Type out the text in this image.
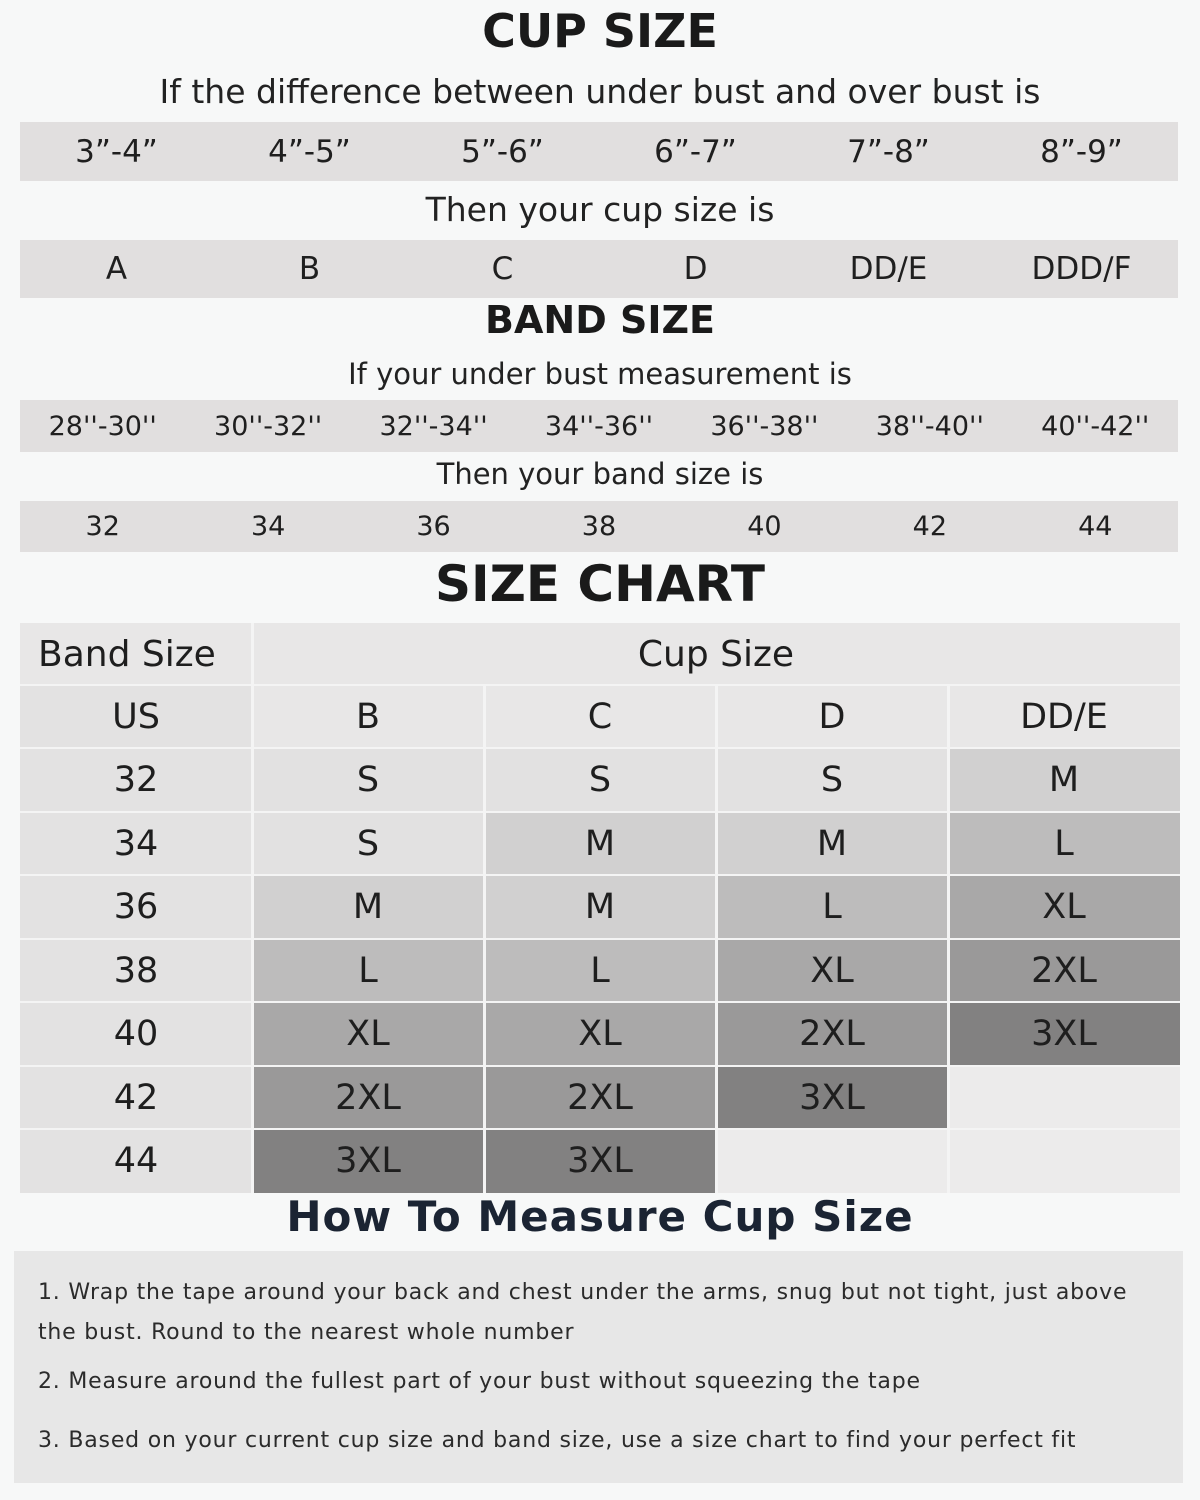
CUP SIZE
If the difference between under bust and over bust is
3”-4”	4”-5”	5”-6”	6”-7”	7”-8”	8”-9”
Then your cup size is
A	B	C	D	DD/E	DDD/F
BAND SIZE
If your under bust measurement is
28''-30''	30''-32''	32''-34''	34''-36''	36''-38''	38''-40''	40''-42''
Then your band size is
32	34	36	38	40	42	44
SIZE CHART
Band Size	Cup Size
US	B	C	D	DD/E
32	S	S	S	M
34	S	M	M	L
36	M	M	L	XL
38	L	L	XL	2XL
40	XL	XL	2XL	3XL
42	2XL	2XL	3XL
44	3XL	3XL
How To Measure Cup Size
1. Wrap the tape around your back and chest under the arms, snug but not tight, just above the bust. Round to the nearest whole number
2. Measure around the fullest part of your bust without squeezing the tape
3. Based on your current cup size and band size, use a size chart to find your perfect fit
